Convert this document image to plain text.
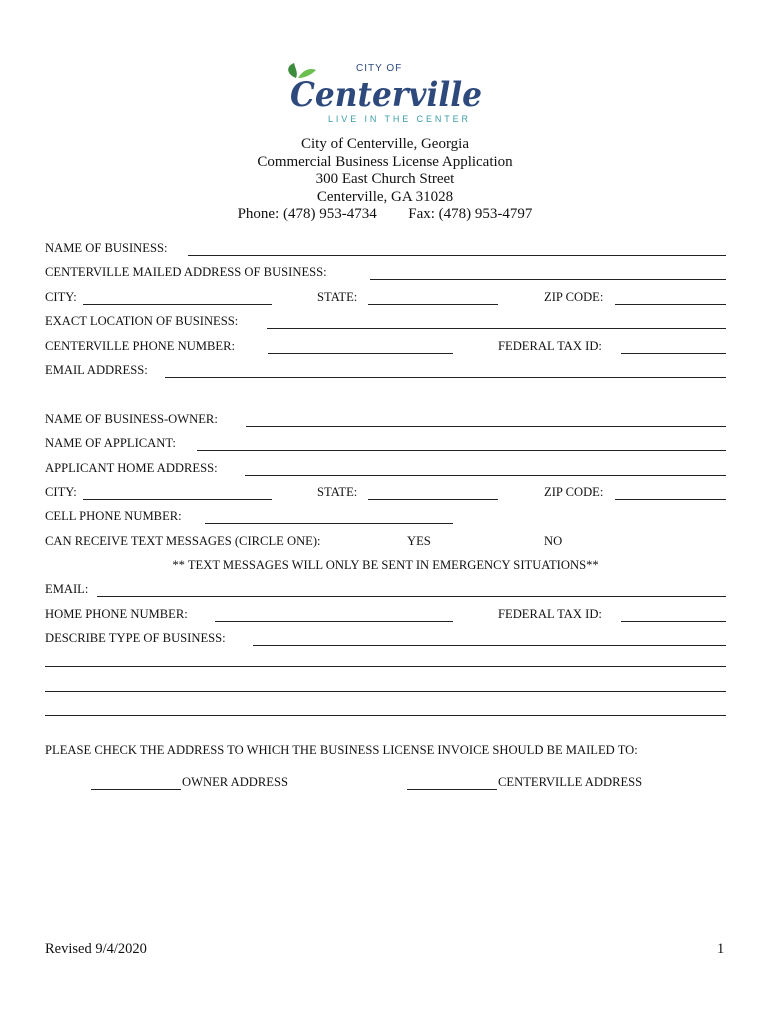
CITY OF
Centerville
LIVE IN THE CENTER
City of Centerville, Georgia
Commercial Business License Application
300 East Church Street
Centerville, GA 31028
Phone: (478) 953-4734 Fax: (478) 953-4797
NAME OF BUSINESS:
CENTERVILLE MAILED ADDRESS OF BUSINESS:
CITY:	STATE:	ZIP CODE:
EXACT LOCATION OF BUSINESS:
CENTERVILLE PHONE NUMBER:	FEDERAL TAX ID:
EMAIL ADDRESS:
NAME OF BUSINESS-OWNER:
NAME OF APPLICANT:
APPLICANT HOME ADDRESS:
CITY:	STATE:	ZIP CODE:
CELL PHONE NUMBER:
CAN RECEIVE TEXT MESSAGES (CIRCLE ONE):	YES	NO
** TEXT MESSAGES WILL ONLY BE SENT IN EMERGENCY SITUATIONS**
EMAIL:
HOME PHONE NUMBER:	FEDERAL TAX ID:
DESCRIBE TYPE OF BUSINESS:
PLEASE CHECK THE ADDRESS TO WHICH THE BUSINESS LICENSE INVOICE SHOULD BE MAILED TO:
OWNER ADDRESS	CENTERVILLE ADDRESS
Revised 9/4/2020	1
